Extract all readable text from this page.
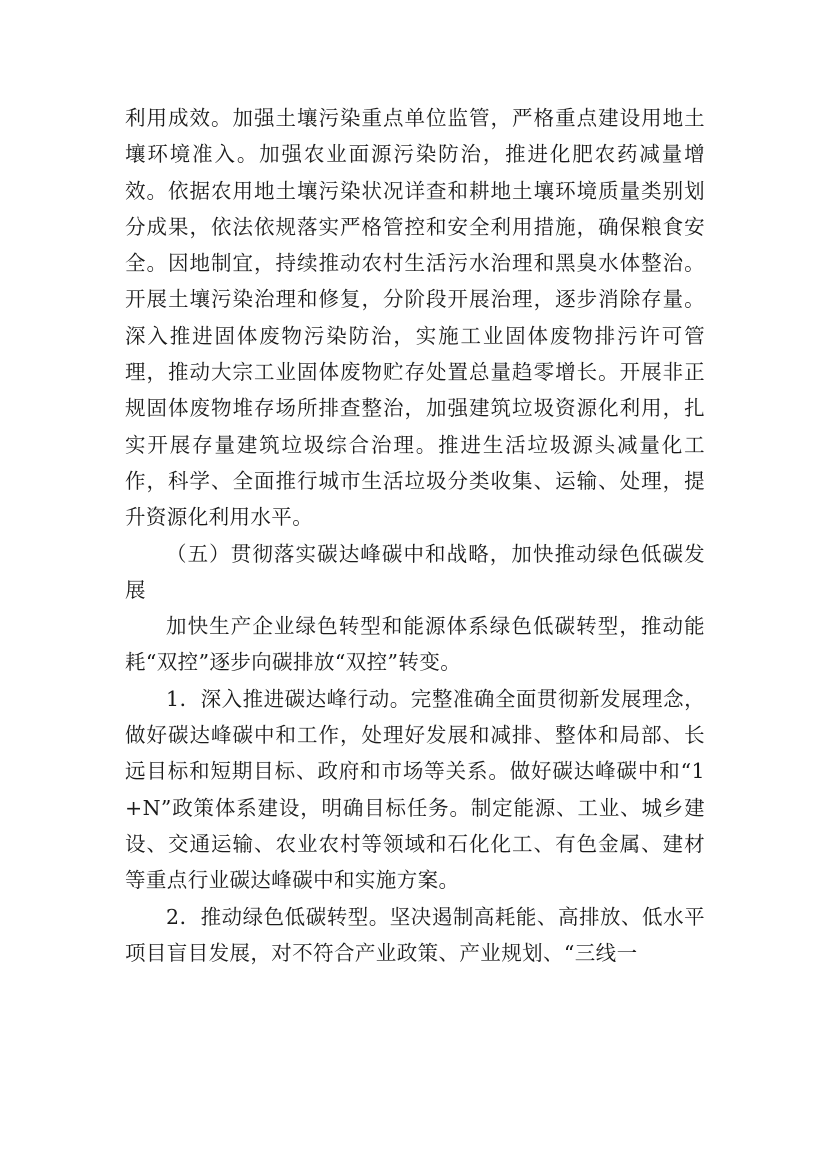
利用成效。加强土壤污染重点单位监管，严格重点建设用地土壤环境准入。加强农业面源污染防治，推进化肥农药减量增效。依据农用地土壤污染状况详查和耕地土壤环境质量类别划分成果，依法依规落实严格管控和安全利用措施，确保粮食安全。因地制宜，持续推动农村生活污水治理和黑臭水体整治。开展土壤污染治理和修复，分阶段开展治理，逐步消除存量。深入推进固体废物污染防治，实施工业固体废物排污许可管理，推动大宗工业固体废物贮存处置总量趋零增长。开展非正规固体废物堆存场所排查整治，加强建筑垃圾资源化利用，扎实开展存量建筑垃圾综合治理。推进生活垃圾源头减量化工作，科学、全面推行城市生活垃圾分类收集、运输、处理，提升资源化利用水平。

（五）贯彻落实碳达峰碳中和战略，加快推动绿色低碳发展

加快生产企业绿色转型和能源体系绿色低碳转型，推动能耗“双控”逐步向碳排放“双控”转变。

1．深入推进碳达峰行动。完整准确全面贯彻新发展理念，做好碳达峰碳中和工作，处理好发展和减排、整体和局部、长远目标和短期目标、政府和市场等关系。做好碳达峰碳中和“1+N”政策体系建设，明确目标任务。制定能源、工业、城乡建设、交通运输、农业农村等领域和石化化工、有色金属、建材等重点行业碳达峰碳中和实施方案。

2．推动绿色低碳转型。坚决遏制高耗能、高排放、低水平项目盲目发展，对不符合产业政策、产业规划、“三线一
